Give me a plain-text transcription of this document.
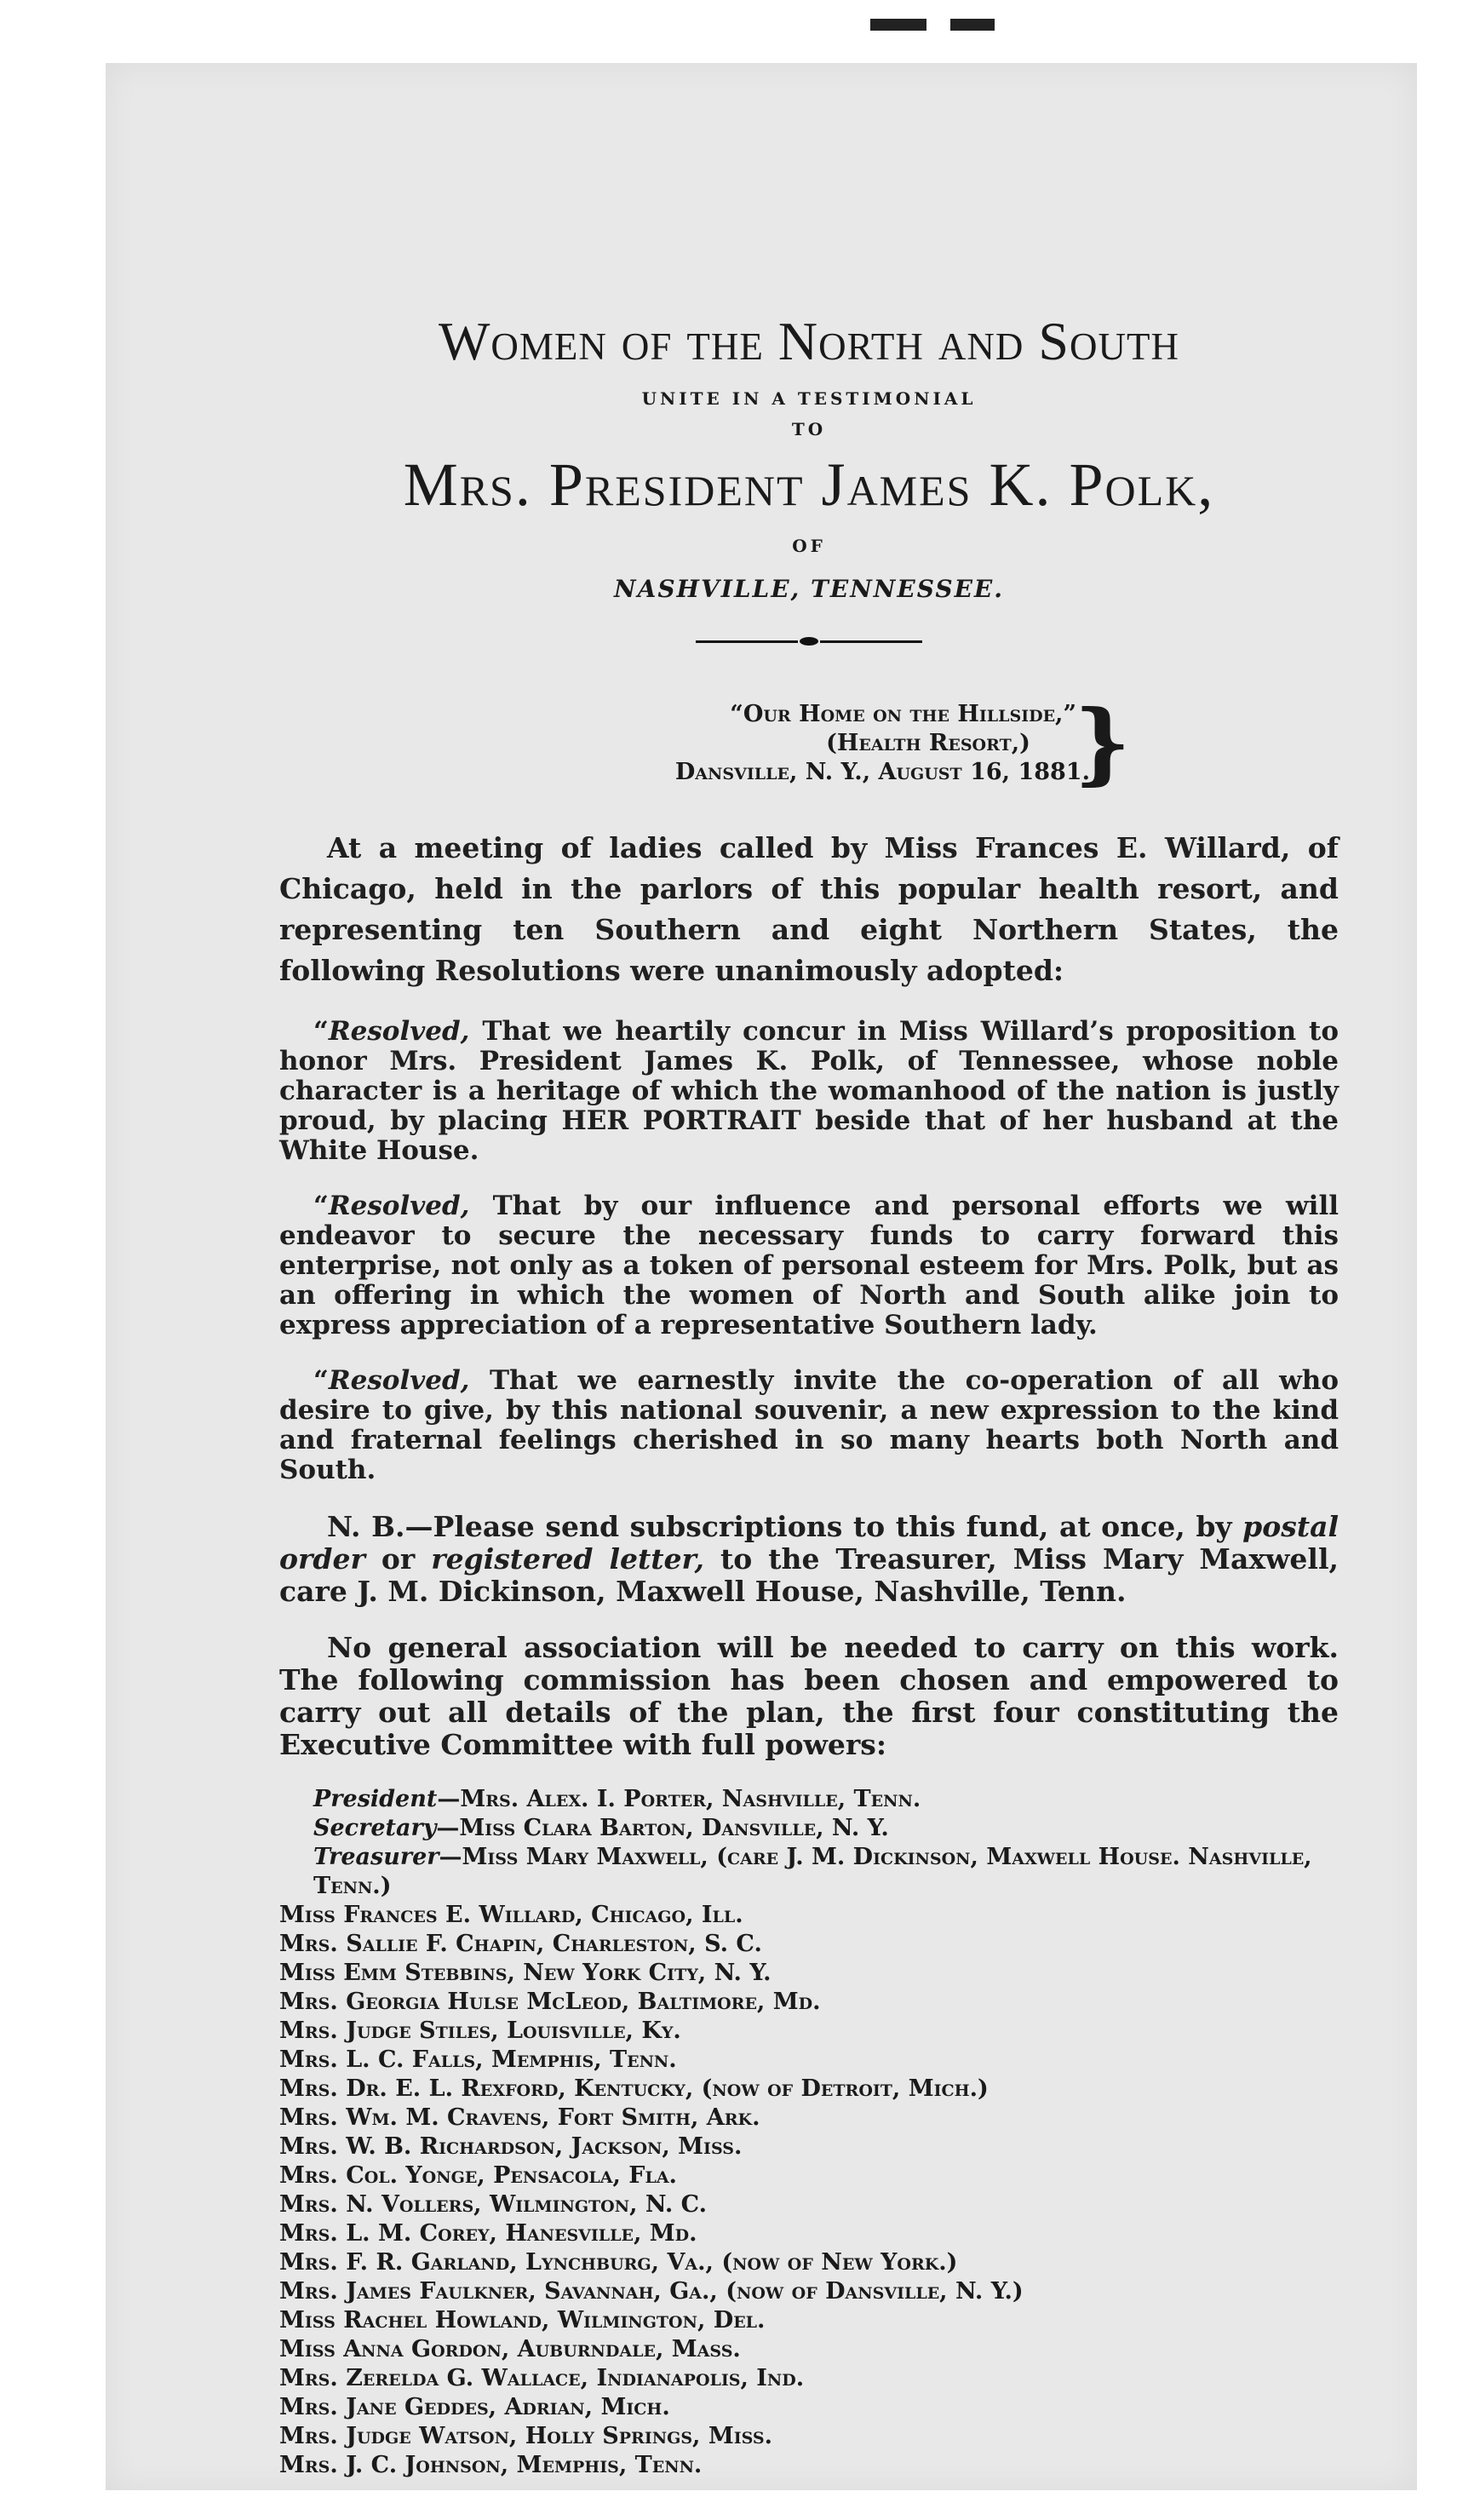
Women of the North and South
UNITE IN A TESTIMONIAL
TO
Mrs. President James K. Polk,
OF
NASHVILLE, TENNESSEE.
“Our Home on the Hillside,”
(Health Resort,)
Dansville, N. Y., August 16, 1881.
}

At a meeting of ladies called by Miss Frances E. Willard, of Chicago, held in the parlors of this popular health resort, and representing ten Southern and eight Northern States, the following Resolutions were unanimously adopted:

“Resolved, That we heartily concur in Miss Willard’s proposition to honor Mrs. President James K. Polk, of Tennessee, whose noble character is a heritage of which the womanhood of the nation is justly proud, by placing HER PORTRAIT beside that of her husband at the White House.

“Resolved, That by our influence and personal efforts we will endeavor to secure the necessary funds to carry forward this enterprise, not only as a token of personal esteem for Mrs. Polk, but as an offering in which the women of North and South alike join to express appreciation of a representative Southern lady.

“Resolved, That we earnestly invite the co-operation of all who desire to give, by this national souvenir, a new expression to the kind and fraternal feelings cherished in so many hearts both North and South.

N. B.—Please send subscriptions to this fund, at once, by postal order or registered letter, to the Treasurer, Miss Mary Maxwell, care J. M. Dickinson, Maxwell House, Nashville, Tenn.

No general association will be needed to carry on this work. The following commission has been chosen and empowered to carry out all details of the plan, the first four constituting the Executive Committee with full powers:

President—Mrs. Alex. I. Porter, Nashville, Tenn.
Secretary—Miss Clara Barton, Dansville, N. Y.
Treasurer—Miss Mary Maxwell, (care J. M. Dickinson, Maxwell House. Nashville, Tenn.)
Miss Frances E. Willard, Chicago, Ill.
Mrs. Sallie F. Chapin, Charleston, S. C.
Miss Emm Stebbins, New York City, N. Y.
Mrs. Georgia Hulse McLeod, Baltimore, Md.
Mrs. Judge Stiles, Louisville, Ky.
Mrs. L. C. Falls, Memphis, Tenn.
Mrs. Dr. E. L. Rexford, Kentucky, (now of Detroit, Mich.)
Mrs. Wm. M. Cravens, Fort Smith, Ark.
Mrs. W. B. Richardson, Jackson, Miss.
Mrs. Col. Yonge, Pensacola, Fla.
Mrs. N. Vollers, Wilmington, N. C.
Mrs. L. M. Corey, Hanesville, Md.
Mrs. F. R. Garland, Lynchburg, Va., (now of New York.)
Mrs. James Faulkner, Savannah, Ga., (now of Dansville, N. Y.)
Miss Rachel Howland, Wilmington, Del.
Miss Anna Gordon, Auburndale, Mass.
Mrs. Zerelda G. Wallace, Indianapolis, Ind.
Mrs. Jane Geddes, Adrian, Mich.
Mrs. Judge Watson, Holly Springs, Miss.
Mrs. J. C. Johnson, Memphis, Tenn.
